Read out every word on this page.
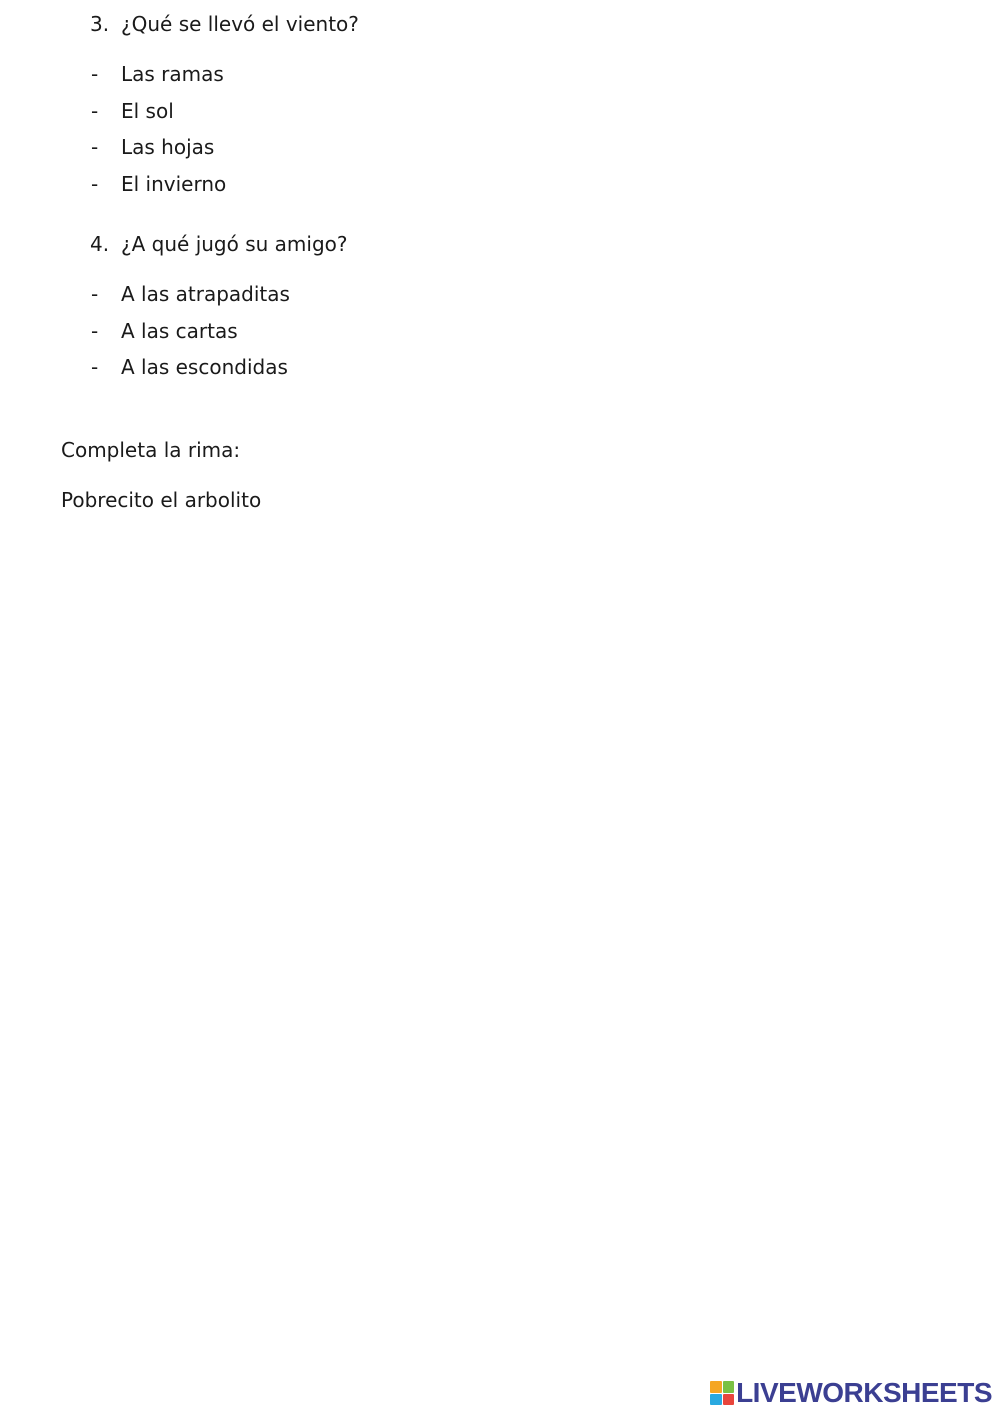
3. ¿Qué se llevó el viento?
- Las ramas
- El sol
- Las hojas
- El invierno
4. ¿A qué jugó su amigo?
- A las atrapaditas
- A las cartas
- A las escondidas
Completa la rima:
Pobrecito el arbolito
LIVEWORKSHEETS
